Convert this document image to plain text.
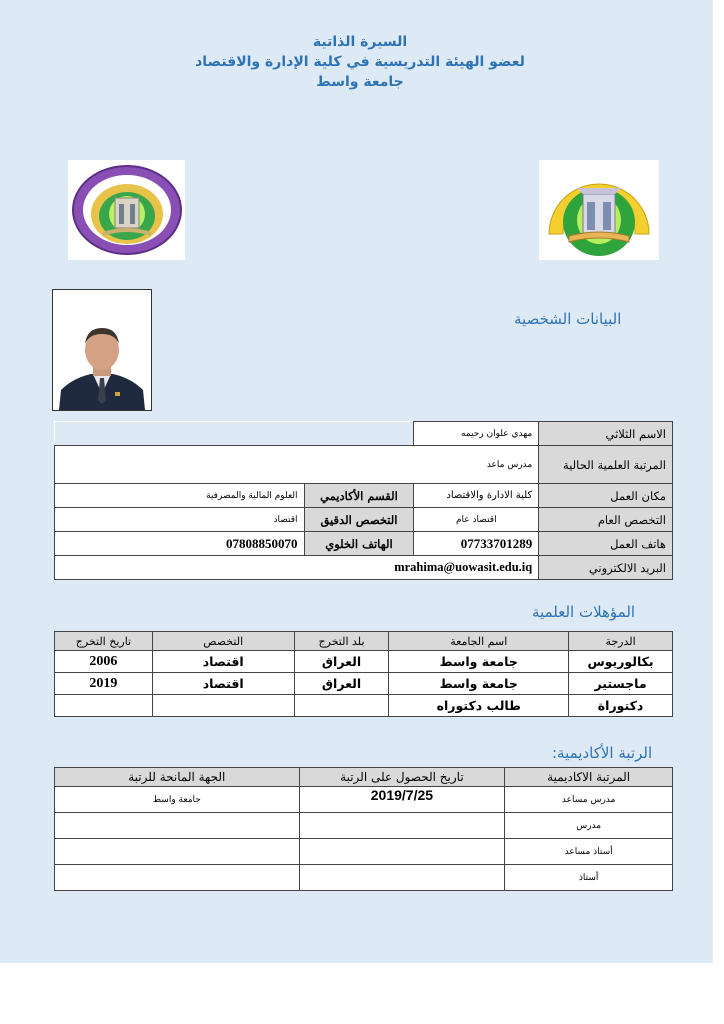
السيرة الذاتية
لعضو الهيئة التدريسية في كلية الإدارة والاقتصاد
جامعة واسط
البيانات الشخصية
الاسم الثلاثي	مهدي علوان رحيمه		
المرتبة العلمية الحالية	مدرس ماعد		
مكان العمل	كلية الادارة والاقتصاد	القسم الأكاديمي	العلوم المالية والمصرفية
التخصص العام	اقتصاد عام	التخصص الدقيق	اقتصاد
هاتف العمل	07733701289	الهاتف الخلوي	07808850070
البريد الالكتروني	mrahima@uowasit.edu.iq		
المؤهلات العلمية
الدرجة	اسم الجامعة	بلد التخرج	التخصص	تاريخ التخرج
بكالوريوس	جامعة واسط	العراق	اقتصاد	2006
ماجستير	جامعة واسط	العراق	اقتصاد	2019
دكتوراة	طالب دكتوراه			
الرتبة الأكاديمية:
المرتبة الاكاديمية	تاريخ الحصول على الرتبة	الجهة المانحة للرتبة
مدرس مساعد	2019/7/25	جامعة واسط
مدرس		
أستاذ مساعد		
أستاذ		
